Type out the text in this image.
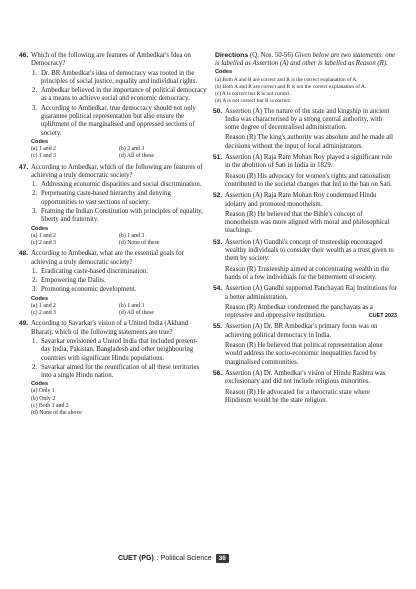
46. Which of the following are features of Ambedkar's Idea on Democracy?
1. Dr. BR Ambedkar's idea of democracy was rooted in the principles of social justice, equality and individual rights.
2. Ambedkar believed in the importance of political democracy as a means to achieve social and economic democracy.
3. According to Ambedkar, true democracy should not only guarantee political representation but also ensure the upliftment of the marginalised and oppressed sections of society.
Codes
(a) 1 and 2	(b) 2 and 3
(c) 1 and 3	(d) All of these
47. According to Ambedkar, which of the following are features of achieving a truly democratic society?
1. Addressing economic disparities and social discrimination.
2. Perpetuating caste-based hierarchy and denying opportunities to vast sections of society.
3. Framing the Indian Constitution with principles of equality, liberty and fraternity.
Codes
(a) 1 and 2	(b) 1 and 3
(c) 2 and 3	(d) None of these
48. According to Ambedkar, what are the essential goals for achieving a truly democratic society?
1. Eradicating caste-based discrimination.
2. Empowering the Dalits.
3. Promoting economic development.
Codes
(a) 1 and 2	(b) 1 and 3
(c) 2 and 3	(d) All of these
49. According to Savarkar's vision of a United India (Akhand Bharat), which of the following statements are true?
1. Savarkar envisioned a United India that included present-day India, Pakistan, Bangladesh and other neighbouring countries with significant Hindu populations.
2. Savarkar aimed for the reunification of all these territories into a single Hindu nation.
Codes
(a) Only 1
(b) Only 2
(c) Both 1 and 2
(d) None of the above
Directions (Q. Nos. 50-56) Given below are two statements: one is labelled as Assertion (A) and other is labelled as Reason (R).
Codes
(a) Both A and R are correct and R is the correct explanation of A.
(b) Both A and R are correct and R is not the correct explanation of A.
(c) A is correct but R is not correct.
(d) A is not correct but R is correct.
50. Assertion (A) The nature of the state and kingship in ancient India was characterised by a strong central authority, with some degree of decentralised administration.
Reason (R) The king's authority was absolute and he made all decisions without the input of local administrators.
51. Assertion (A) Raja Ram Mohan Roy played a significant role in the abolition of Sati in India in 1829.
Reason (R) His advocacy for women's rights and rationalism contributed to the societal changes that led to the ban on Sati.
52. Assertion (A) Raja Ram Mohan Roy condemned Hindu idolatry and promoted monotheism.
Reason (R) He believed that the Bible's concept of monotheism was more aligned with moral and philosophical teachings.
53. Assertion (A) Gandhi's concept of trusteeship encouraged wealthy individuals to consider their wealth as a trust given to them by society.
Reason (R) Trusteeship aimed at concentrating wealth in the hands of a few individuals for the betterment of society.
54. Assertion (A) Gandhi supported Panchayati Raj Institutions for a better administration.
Reason (R) Ambedkar condemned the panchayats as a repressive and oppressive institution.	CUET 2023
55. Assertion (A) Dr. BR Ambedkar's primary focus was on achieving political democracy in India.
Reason (R) He believed that political representation alone would address the socio-economic inequalities faced by marginalised communities.
56. Assertion (A) Dr. Ambedkar's vision of Hindu Rashtra was exclusionary and did not include religious minorities.
Reason (R) He advocated for a theocratic state where Hinduism would be the state religion.
CUET (PG) : Political Science	36
